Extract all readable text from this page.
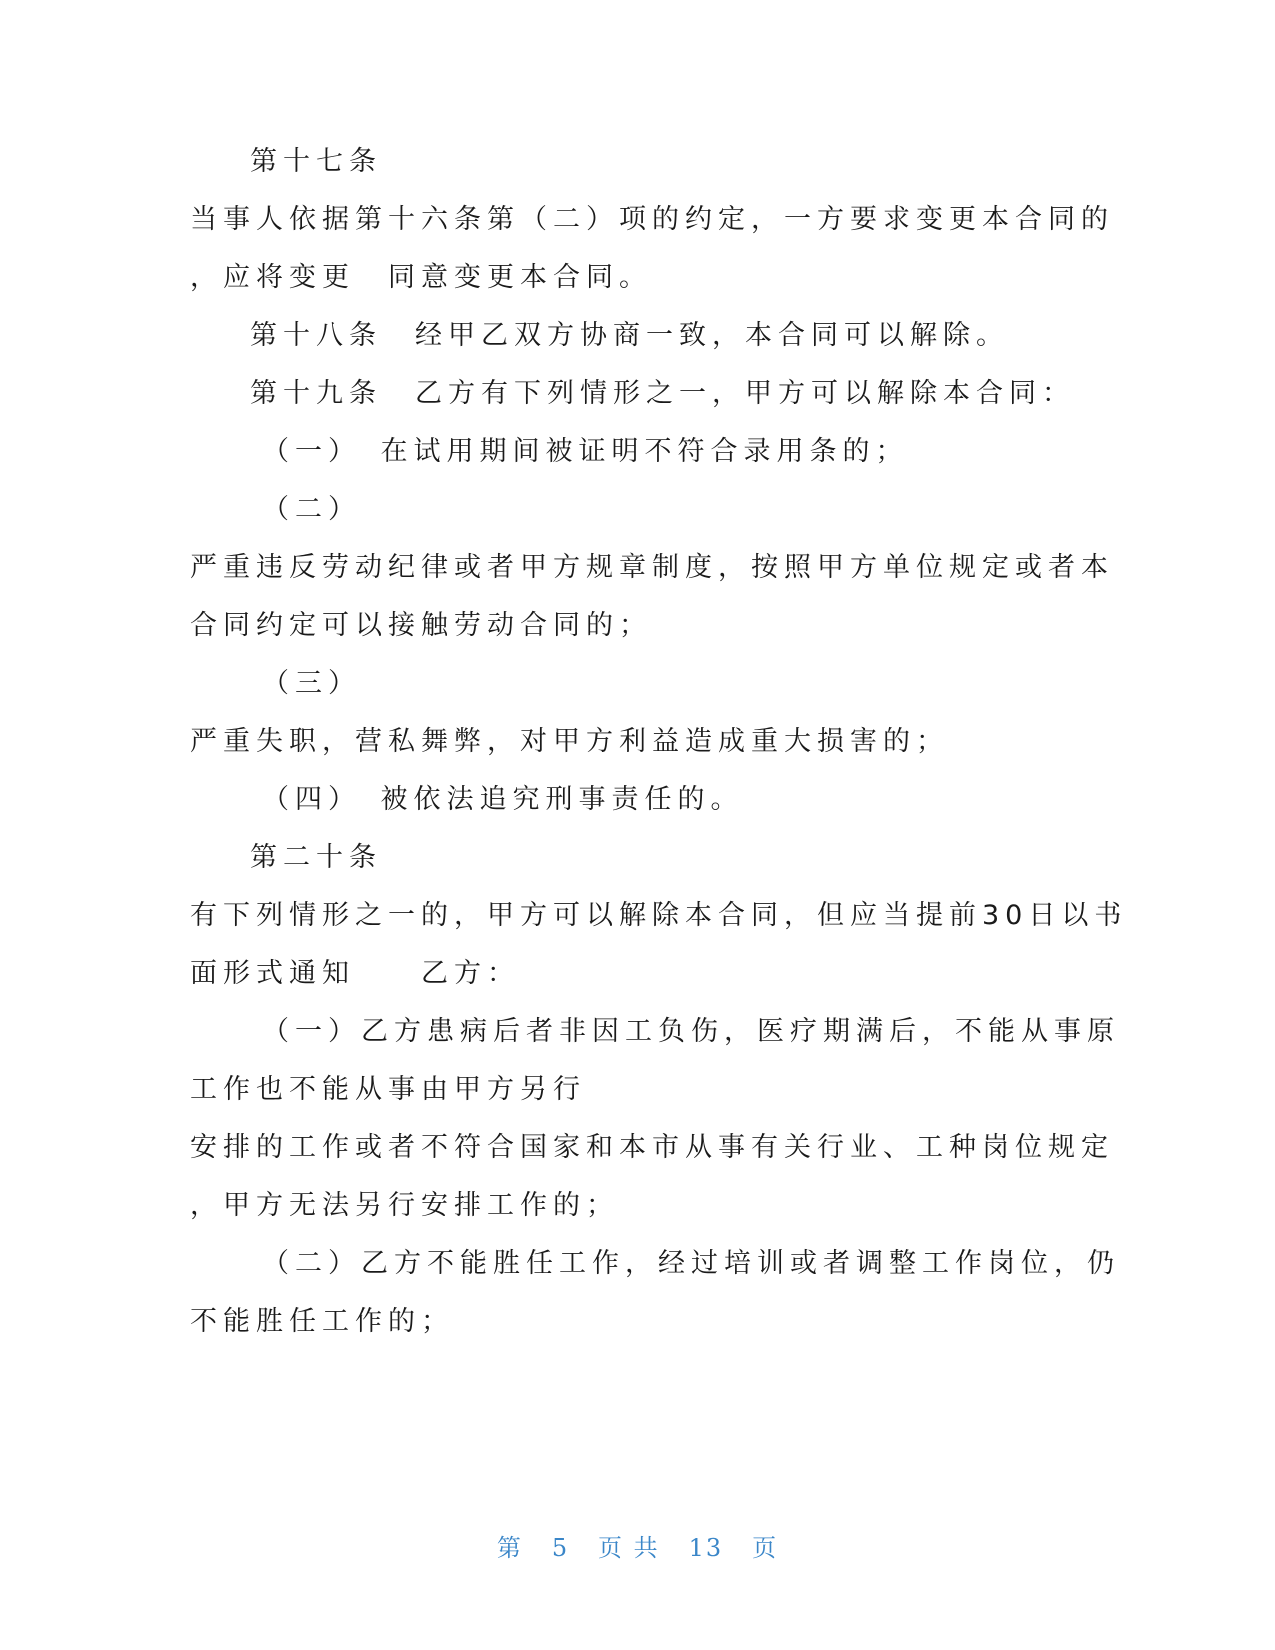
第十七条
当事人依据第十六条第（二）项的约定，一方要求变更本合同的
，应将变更　同意变更本合同。
第十八条　经甲乙双方协商一致，本合同可以解除。
第十九条　乙方有下列情形之一，甲方可以解除本合同：
（一）　在试用期间被证明不符合录用条的；
（二）
严重违反劳动纪律或者甲方规章制度，按照甲方单位规定或者本
合同约定可以接触劳动合同的；
（三）
严重失职，营私舞弊，对甲方利益造成重大损害的；
（四）　被依法追究刑事责任的。
第二十条
有下列情形之一的，甲方可以解除本合同，但应当提前30日以书
面形式通知　　乙方：
（一）乙方患病后者非因工负伤，医疗期满后，不能从事原
工作也不能从事由甲方另行
安排的工作或者不符合国家和本市从事有关行业、工种岗位规定
，甲方无法另行安排工作的；
（二）乙方不能胜任工作，经过培训或者调整工作岗位，仍
不能胜任工作的；
第 5 页 共 13 页
